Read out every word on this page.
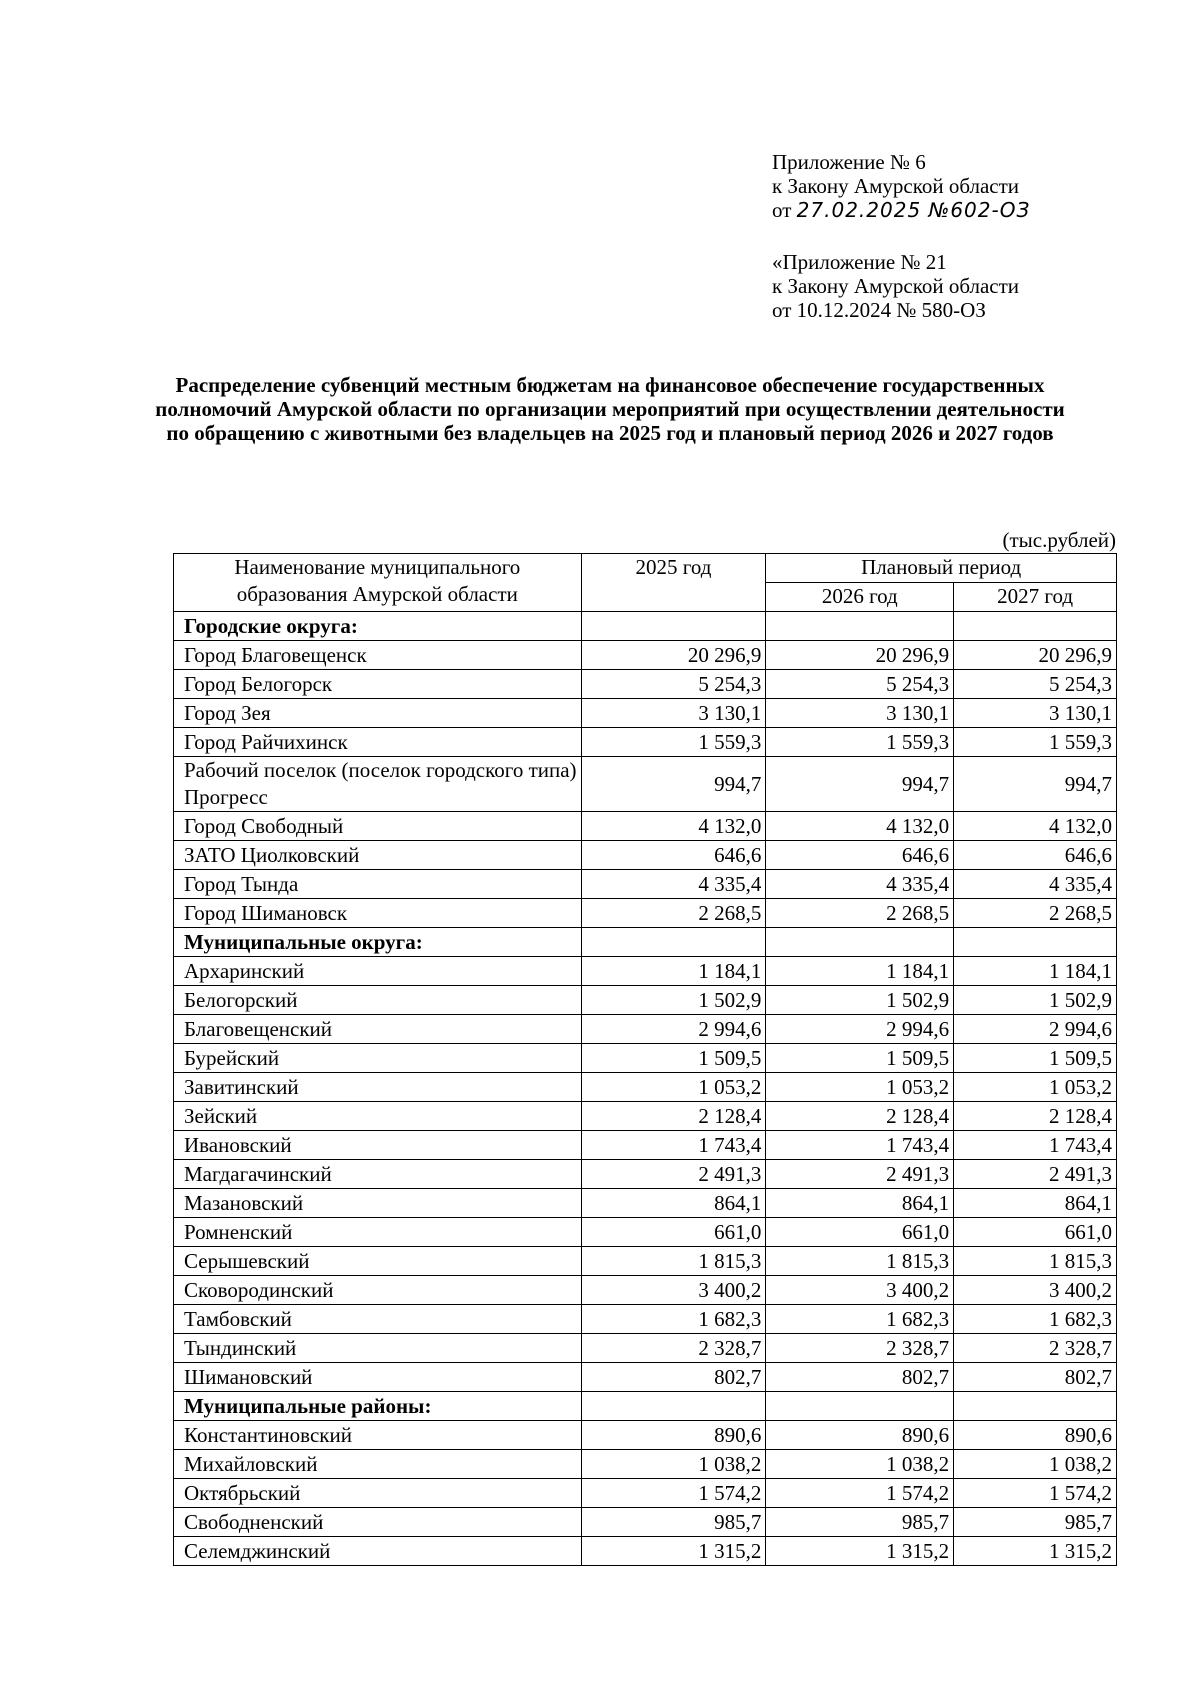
Приложение № 6
к Закону Амурской области
от 27.02.2025 №602-ОЗ
«Приложение № 21
к Закону Амурской области
от 10.12.2024 № 580-ОЗ
Распределение субвенций местным бюджетам на финансовое обеспечение государственных полномочий Амурской области по организации мероприятий при осуществлении деятельности по обращению с животными без владельцев на 2025 год и плановый период 2026 и 2027 годов
(тыс.рублей)
Наименование муниципального образования Амурской области	2025 год	Плановый период	
		2026 год	2027 год
Городские округа:			
Город Благовещенск	20 296,9	20 296,9	20 296,9
Город Белогорск	5 254,3	5 254,3	5 254,3
Город Зея	3 130,1	3 130,1	3 130,1
Город Райчихинск	1 559,3	1 559,3	1 559,3
Рабочий поселок (поселок городского типа) Прогресс	994,7	994,7	994,7
Город Свободный	4 132,0	4 132,0	4 132,0
ЗАТО Циолковский	646,6	646,6	646,6
Город Тында	4 335,4	4 335,4	4 335,4
Город Шимановск	2 268,5	2 268,5	2 268,5
Муниципальные округа:			
Архаринский	1 184,1	1 184,1	1 184,1
Белогорский	1 502,9	1 502,9	1 502,9
Благовещенский	2 994,6	2 994,6	2 994,6
Бурейский	1 509,5	1 509,5	1 509,5
Завитинский	1 053,2	1 053,2	1 053,2
Зейский	2 128,4	2 128,4	2 128,4
Ивановский	1 743,4	1 743,4	1 743,4
Магдагачинский	2 491,3	2 491,3	2 491,3
Мазановский	864,1	864,1	864,1
Ромненский	661,0	661,0	661,0
Серышевский	1 815,3	1 815,3	1 815,3
Сковородинский	3 400,2	3 400,2	3 400,2
Тамбовский	1 682,3	1 682,3	1 682,3
Тындинский	2 328,7	2 328,7	2 328,7
Шимановский	802,7	802,7	802,7
Муниципальные районы:			
Константиновский	890,6	890,6	890,6
Михайловский	1 038,2	1 038,2	1 038,2
Октябрьский	1 574,2	1 574,2	1 574,2
Свободненский	985,7	985,7	985,7
Селемджинский	1 315,2	1 315,2	1 315,2
